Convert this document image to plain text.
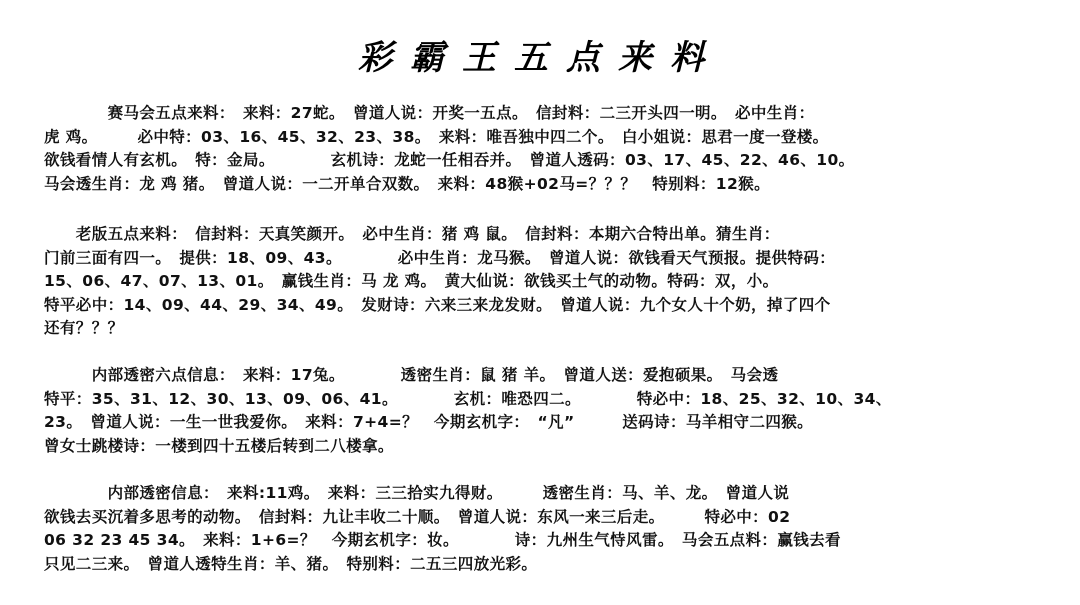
彩霸王五点来料
　　　　赛马会五点来料：　来料：27蛇。　曾道人说：开奖一五点。　信封料：二三开头四一明。　必中生肖：
虎 鸡。　　　必中特：03、16、45、32、23、38。　来料：唯吾独中四二个。　白小姐说：思君一度一登楼。
欲钱看情人有玄机。　特：金局。　　　　玄机诗：龙蛇一任相吞并。　曾道人透码：03、17、45、22、46、10。
马会透生肖：龙 鸡 猪。　曾道人说：一二开单合双数。　来料：48猴+02马=？？？　特别料：12猴。
　　老版五点来料：　信封料：天真笑颜开。　必中生肖：猪 鸡 鼠。　信封料：本期六合特出单。猜生肖：
门前三面有四一。　提供：18、09、43。　　　　必中生肖：龙马猴。　曾道人说：欲钱看天气预报。提供特码：
15、06、47、07、13、01。　赢钱生肖：马 龙 鸡。　黄大仙说：欲钱买土气的动物。特码：双，小。
特平必中：14、09、44、29、34、49。　发财诗：六来三来龙发财。　曾道人说：九个女人十个奶，掉了四个
还有？？？
　　　内部透密六点信息：　来料：17兔。　　　　透密生肖：鼠 猪 羊。　曾道人送：爱抱硕果。　马会透
特平：35、31、12、30、13、09、06、41。　　　　玄机：唯恐四二。　　　　特必中：18、25、32、10、34、
23。　曾道人说：一生一世我爱你。　来料：7+4=？　今期玄机字：　“凡”　　　送码诗：马羊相守二四猴。
曾女士跳楼诗：一楼到四十五楼后转到二八楼拿。
　　　　内部透密信息：　来料:11鸡。　来料：三三拾实九得财。　　　透密生肖：马、羊、龙。　曾道人说
欲钱去买沉着多思考的动物。　信封料：九让丰收二十顺。　曾道人说：东风一来三后走。　　　特必中：02
06 32 23 45 34。　来料：1+6=？　今期玄机字：妆。　　　　诗：九州生气恃风雷。　马会五点料：赢钱去看
只见二三来。　曾道人透特生肖：羊、猪。　特别料：二五三四放光彩。
